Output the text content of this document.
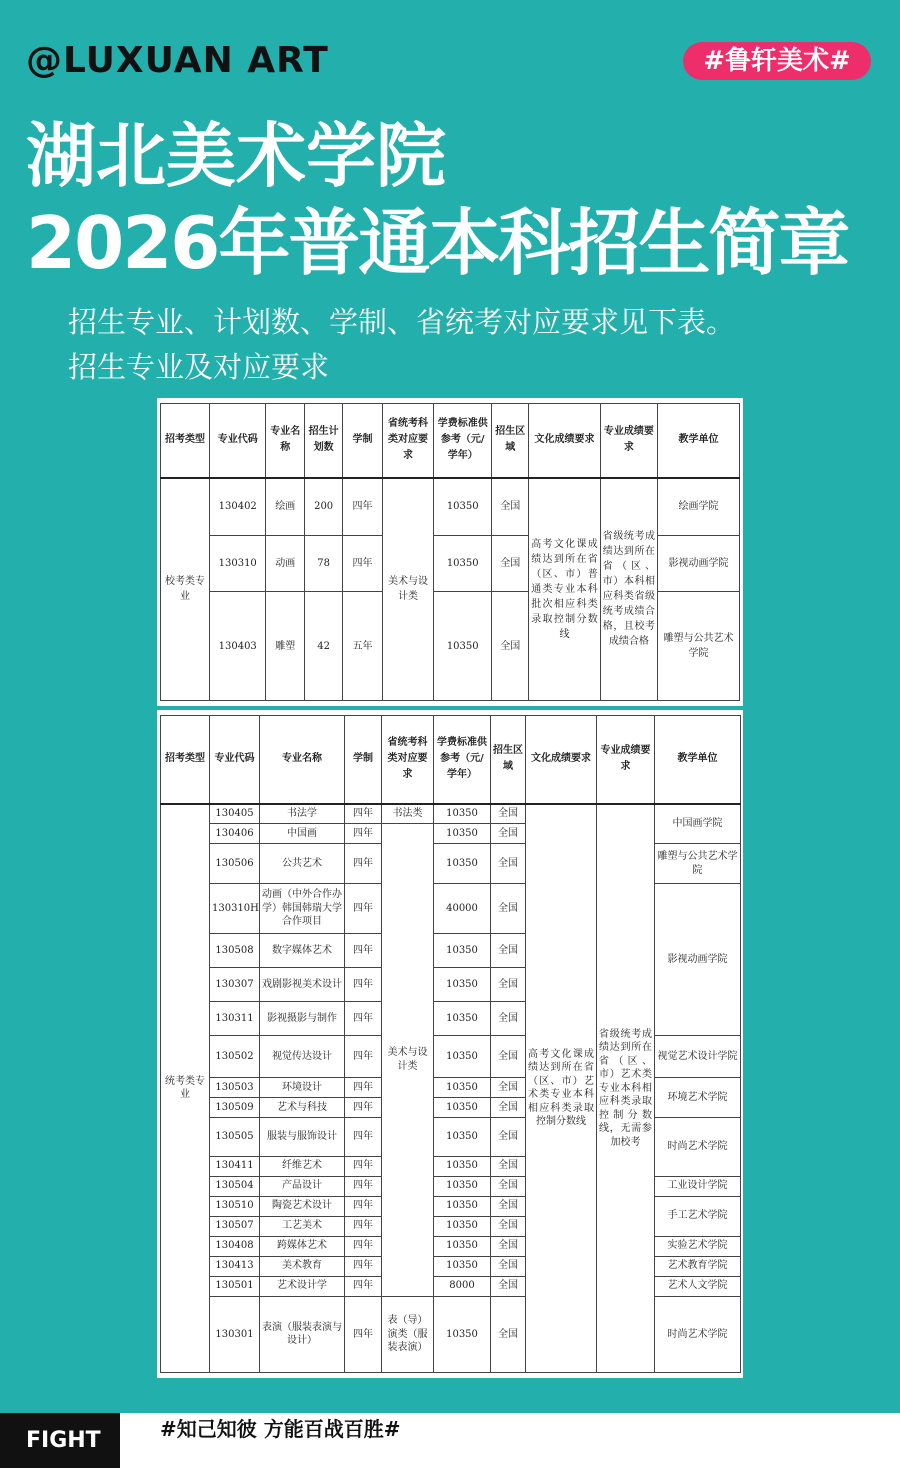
@LUXUAN ART	#鲁轩美术#
湖北美术学院
2026年普通本科招生简章
招生专业、计划数、学制、省统考对应要求见下表。
招生专业及对应要求
招考类型	专业代码	专业名称	招生计划数	学制	省统考科类对应要求	学费标准供参考（元/学年）	招生区域	文化成绩要求	专业成绩要求	教学单位
校考类专业	130402	绘画	200	四年	美术与设计类	10350	全国	高考文化课成绩达到所在省（区、市）普通类专业本科批次相应科类录取控制分数线	省级统考成绩达到所在省（区、市）本科相应科类省级统考成绩合格，且校考成绩合格	绘画学院
	130310	动画	78	四年		10350	全国			影视动画学院
	130403	雕塑	42	五年		10350	全国			雕塑与公共艺术学院
招考类型	专业代码	专业名称	学制	省统考科类对应要求	学费标准供参考（元/学年）	招生区域	文化成绩要求	专业成绩要求	教学单位
统考类专业	130405	书法学	四年	书法类	10350	全国	高考文化课成绩达到所在省（区、市）艺术类专业本科相应科类录取控制分数线	省级统考成绩达到所在省（区、市）艺术类专业本科相应科类录取控制分数线，无需参加校考	中国画学院
	130406	中国画	四年	美术与设计类	10350	全国			
	130506	公共艺术	四年		10350	全国			雕塑与公共艺术学院
	130310H	动画（中外合作办学）韩国韩瑞大学合作项目	四年		40000	全国			影视动画学院
	130508	数字媒体艺术	四年		10350	全国			
	130307	戏剧影视美术设计	四年		10350	全国			
	130311	影视摄影与制作	四年		10350	全国			
	130502	视觉传达设计	四年		10350	全国			视觉艺术设计学院
	130503	环境设计	四年		10350	全国			环境艺术学院
	130509	艺术与科技	四年		10350	全国			
	130505	服装与服饰设计	四年		10350	全国			时尚艺术学院
	130411	纤维艺术	四年		10350	全国			
	130504	产品设计	四年		10350	全国			工业设计学院
	130510	陶瓷艺术设计	四年		10350	全国			手工艺术学院
	130507	工艺美术	四年		10350	全国			
	130408	跨媒体艺术	四年		10350	全国			实验艺术学院
	130413	美术教育	四年		10350	全国			艺术教育学院
	130501	艺术设计学	四年		8000	全国			艺术人文学院
	130301	表演（服装表演与设计）	四年	表（导）演类（服装表演）	10350	全国			时尚艺术学院
FIGHT	#知己知彼 方能百战百胜#
